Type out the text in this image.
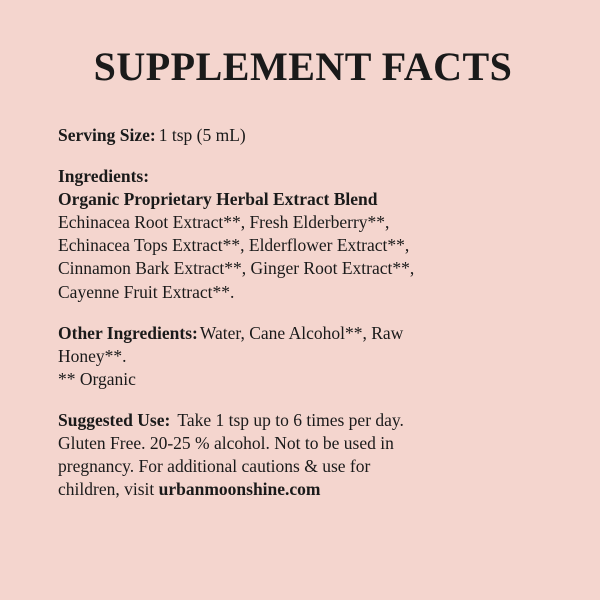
SUPPLEMENT FACTS
Serving Size: 1 tsp (5 mL)
Ingredients:
Organic Proprietary Herbal Extract Blend
Echinacea Root Extract**, Fresh Elderberry**,
Echinacea Tops Extract**, Elderflower Extract**,
Cinnamon Bark Extract**, Ginger Root Extract**,
Cayenne Fruit Extract**.
Other Ingredients: Water, Cane Alcohol**, Raw
Honey**.
** Organic
Suggested Use: Take 1 tsp up to 6 times per day.
Gluten Free. 20-25 % alcohol. Not to be used in
pregnancy. For additional cautions & use for
children, visit urbanmoonshine.com
